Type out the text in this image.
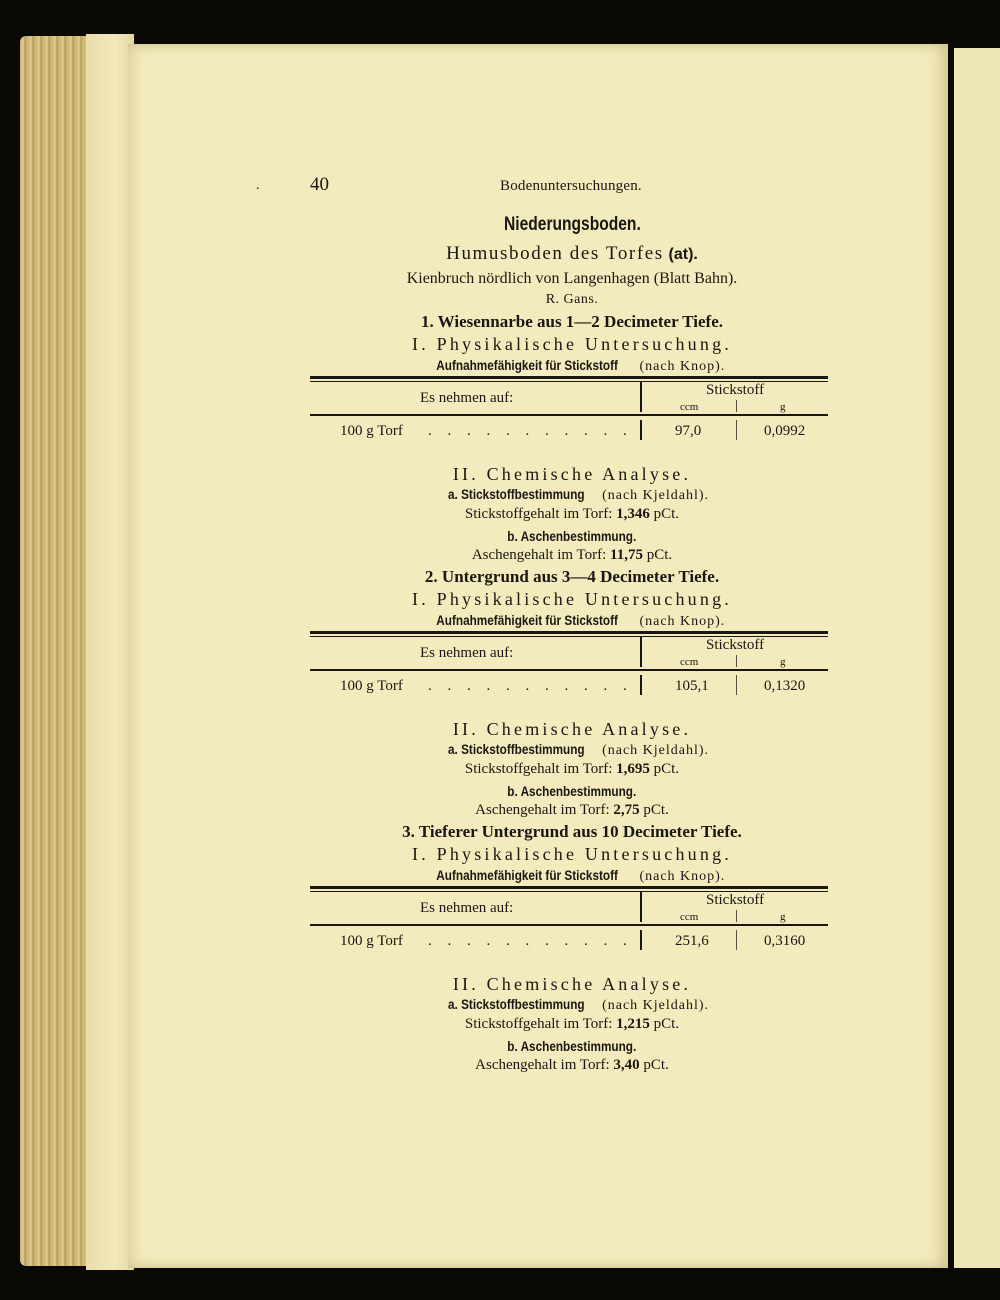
.	40	Bodenuntersuchungen.
Niederungsboden.
Humusboden des Torfes (at).
Kienbruch nördlich von Langenhagen (Blatt Bahn).
R. Gans.
1. Wiesennarbe aus 1—2 Decimeter Tiefe.
I. Physikalische Untersuchung.
Aufnahmefähigkeit für Stickstoff (nach Knop).
Es nehmen auf:	Stickstoff
ccm	g
100 g Torf . . . . . . . . . . .	97,0	0,0992
II. Chemische Analyse.
a. Stickstoffbestimmung (nach Kjeldahl).
Stickstoffgehalt im Torf: 1,346 pCt.
b. Aschenbestimmung.
Aschengehalt im Torf: 11,75 pCt.
2. Untergrund aus 3—4 Decimeter Tiefe.
I. Physikalische Untersuchung.
Aufnahmefähigkeit für Stickstoff (nach Knop).
Es nehmen auf:	Stickstoff
ccm	g
100 g Torf . . . . . . . . . . .	105,1	0,1320
II. Chemische Analyse.
a. Stickstoffbestimmung (nach Kjeldahl).
Stickstoffgehalt im Torf: 1,695 pCt.
b. Aschenbestimmung.
Aschengehalt im Torf: 2,75 pCt.
3. Tieferer Untergrund aus 10 Decimeter Tiefe.
I. Physikalische Untersuchung.
Aufnahmefähigkeit für Stickstoff (nach Knop).
Es nehmen auf:	Stickstoff
ccm	g
100 g Torf . . . . . . . . . . .	251,6	0,3160
II. Chemische Analyse.
a. Stickstoffbestimmung (nach Kjeldahl).
Stickstoffgehalt im Torf: 1,215 pCt.
b. Aschenbestimmung.
Aschengehalt im Torf: 3,40 pCt.
